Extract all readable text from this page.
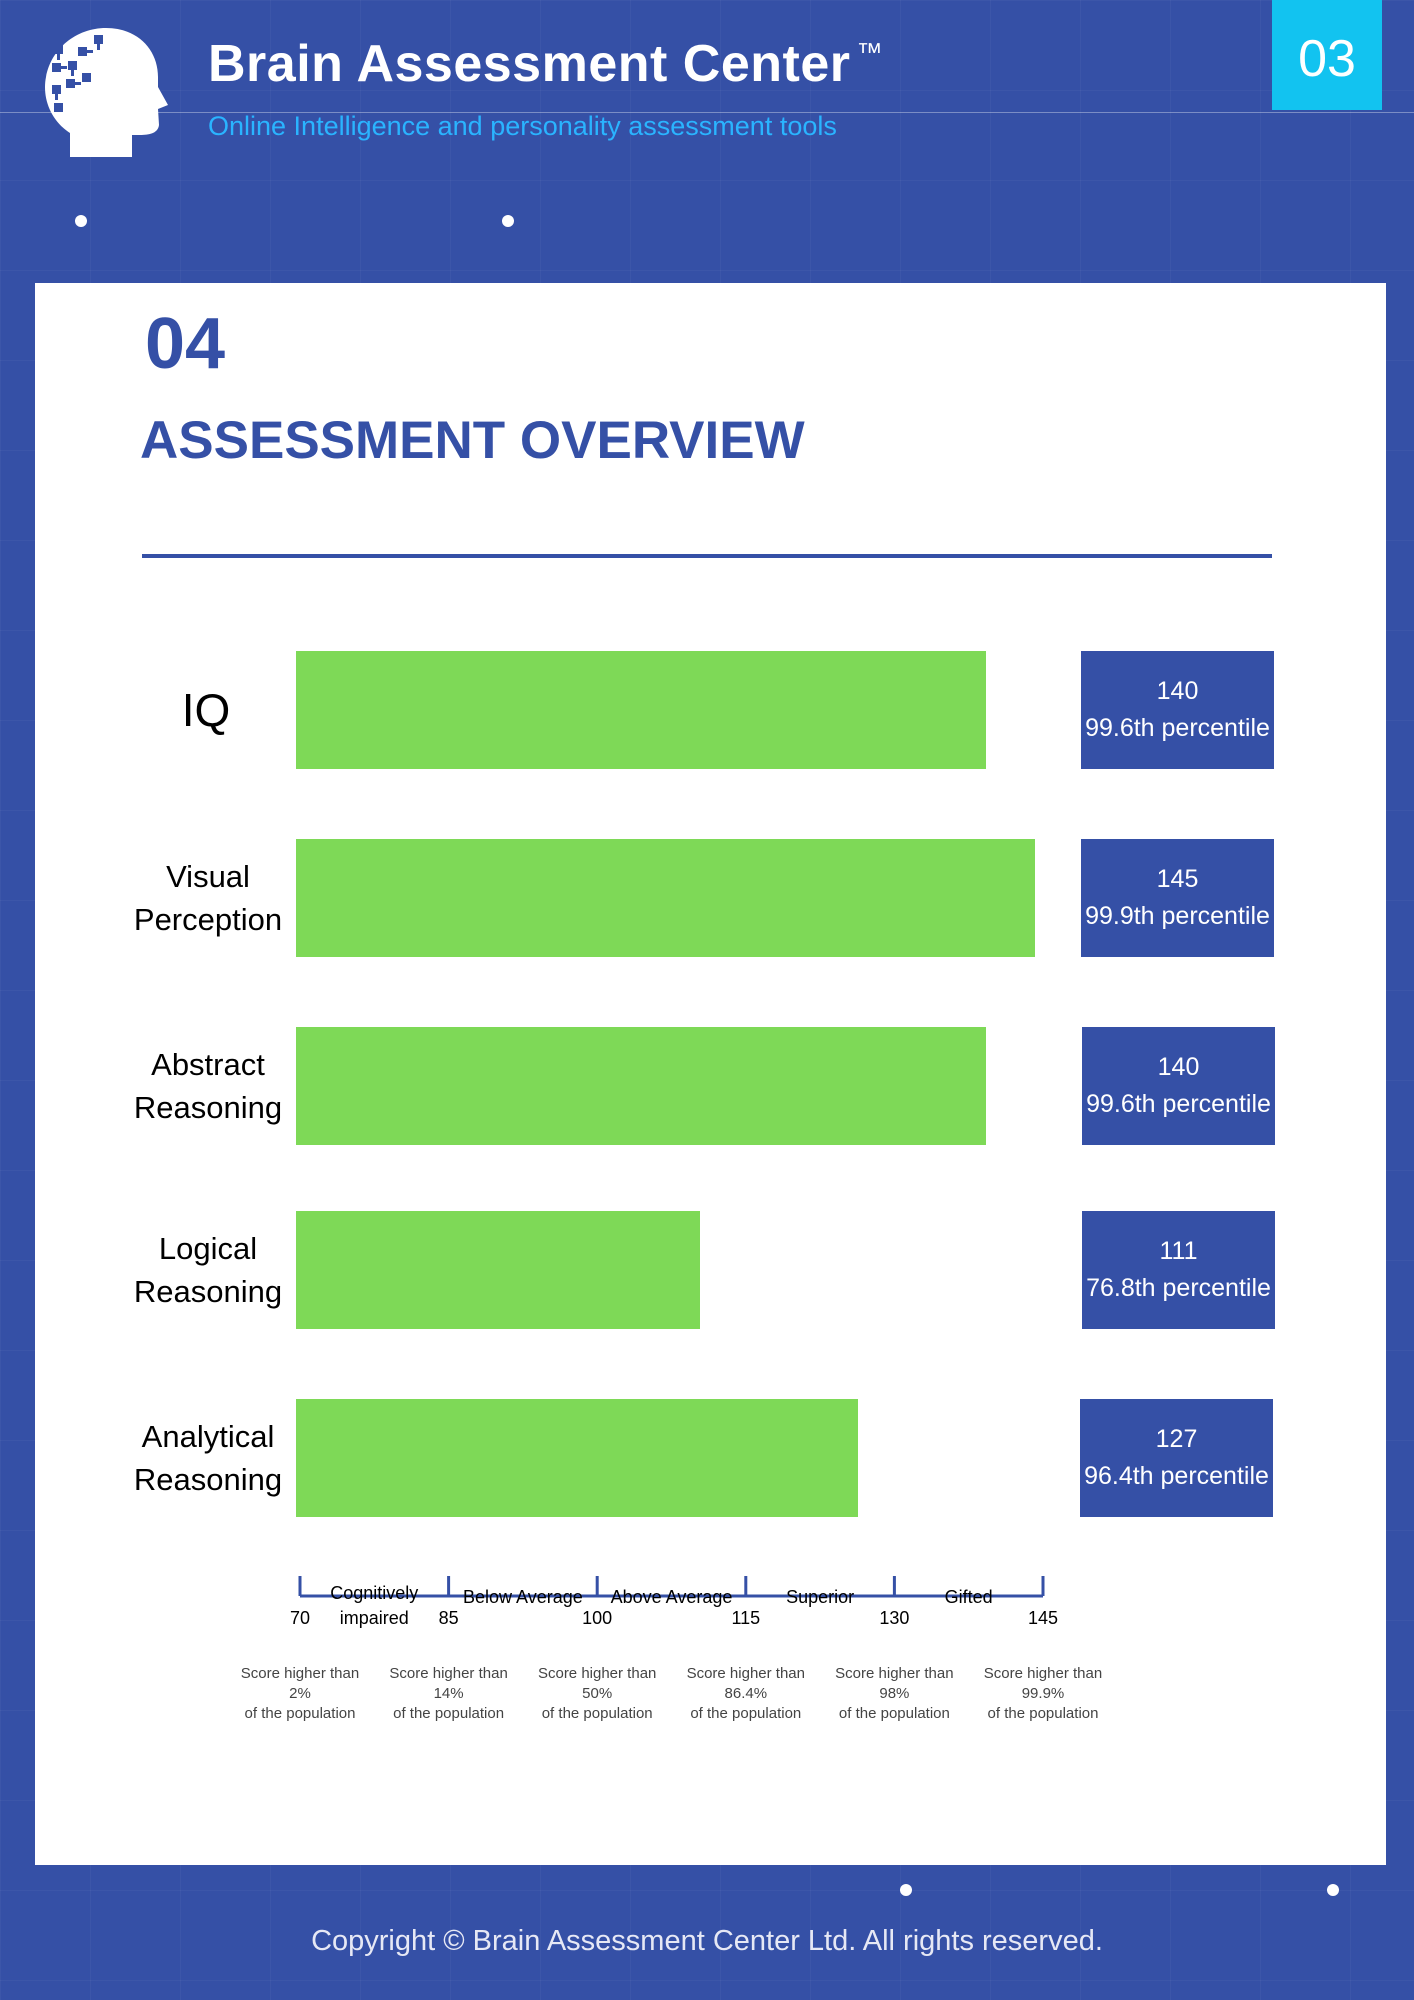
Brain Assessment Center ™
Online Intelligence and personality assessment tools
03
04
ASSESSMENT OVERVIEW
IQ	140
99.6th percentile
Visual Perception
145
99.9th percentile
Abstract Reasoning
140
99.6th percentile
Logical Reasoning
111
76.8th percentile
Analytical Reasoning
127
96.4th percentile
70	85	100	115	130	145
Cognitively impaired
Below Average Above Average	Superior	Gifted
Score higher than
2%
of the population
Score higher than
14%
of the population
Score higher than
50%
of the population
Score higher than
86.4%
of the population
Score higher than
98%
of the population
Score higher than
99.9%
of the population
Copyright © Brain Assessment Center Ltd. All rights reserved.
